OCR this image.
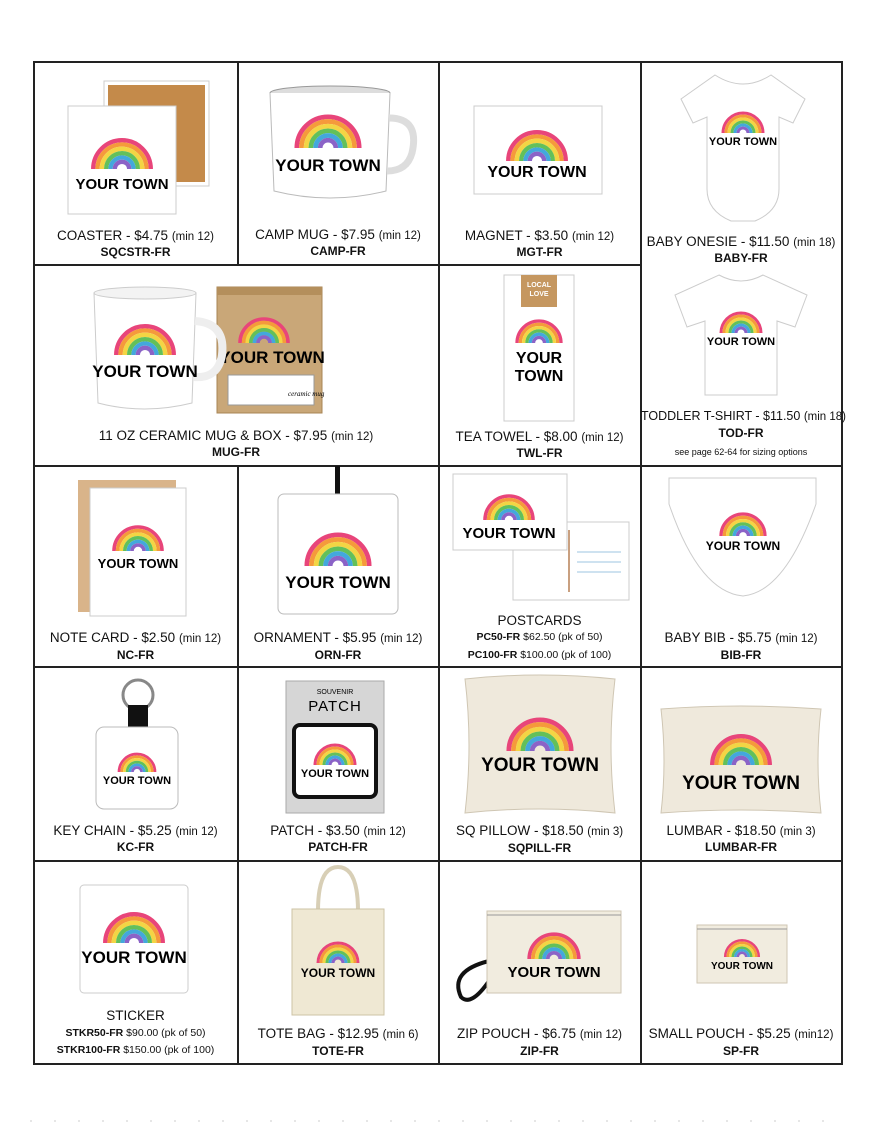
YOUR TOWN
COASTER - $4.75 (min 12)
SQCSTR-FR
YOUR TOWN
CAMP MUG - $7.95 (min 12)
CAMP-FR
YOUR TOWN
MAGNET - $3.50 (min 12)
MGT-FR
YOUR TOWN
BABY ONESIE - $11.50 (min 18)
BABY-FR
ceramic mug
YOUR TOWN
YOUR TOWN
11 OZ CERAMIC MUG & BOX - $7.95 (min 12)
MUG-FR
LOCAL
LOVE
YOUR
TOWN
TEA TOWEL - $8.00 (min 12)
TWL-FR
YOUR TOWN
TODDLER T-SHIRT - $11.50 (min 18)
TOD-FR
see page 62-64 for sizing options
YOUR TOWN
NOTE CARD - $2.50 (min 12)
NC-FR
YOUR TOWN
ORNAMENT - $5.95 (min 12)
ORN-FR
YOUR TOWN
POSTCARDS
PC50-FR $62.50 (pk of 50)
PC100-FR $100.00 (pk of 100)
YOUR TOWN
BABY BIB - $5.75 (min 12)
BIB-FR
YOUR TOWN
KEY CHAIN - $5.25 (min 12)
KC-FR
SOUVENIR
PATCH
YOUR TOWN
PATCH - $3.50 (min 12)
PATCH-FR
YOUR TOWN
SQ PILLOW - $18.50 (min 3)
SQPILL-FR
YOUR TOWN
LUMBAR - $18.50 (min 3)
LUMBAR-FR
YOUR TOWN
STICKER
STKR50-FR $90.00 (pk of 50)
STKR100-FR $150.00 (pk of 100)
YOUR TOWN
TOTE BAG - $12.95 (min 6)
TOTE-FR
YOUR TOWN
ZIP POUCH - $6.75 (min 12)
ZIP-FR
YOUR TOWN
SMALL POUCH - $5.25 (min12)
SP-FR
